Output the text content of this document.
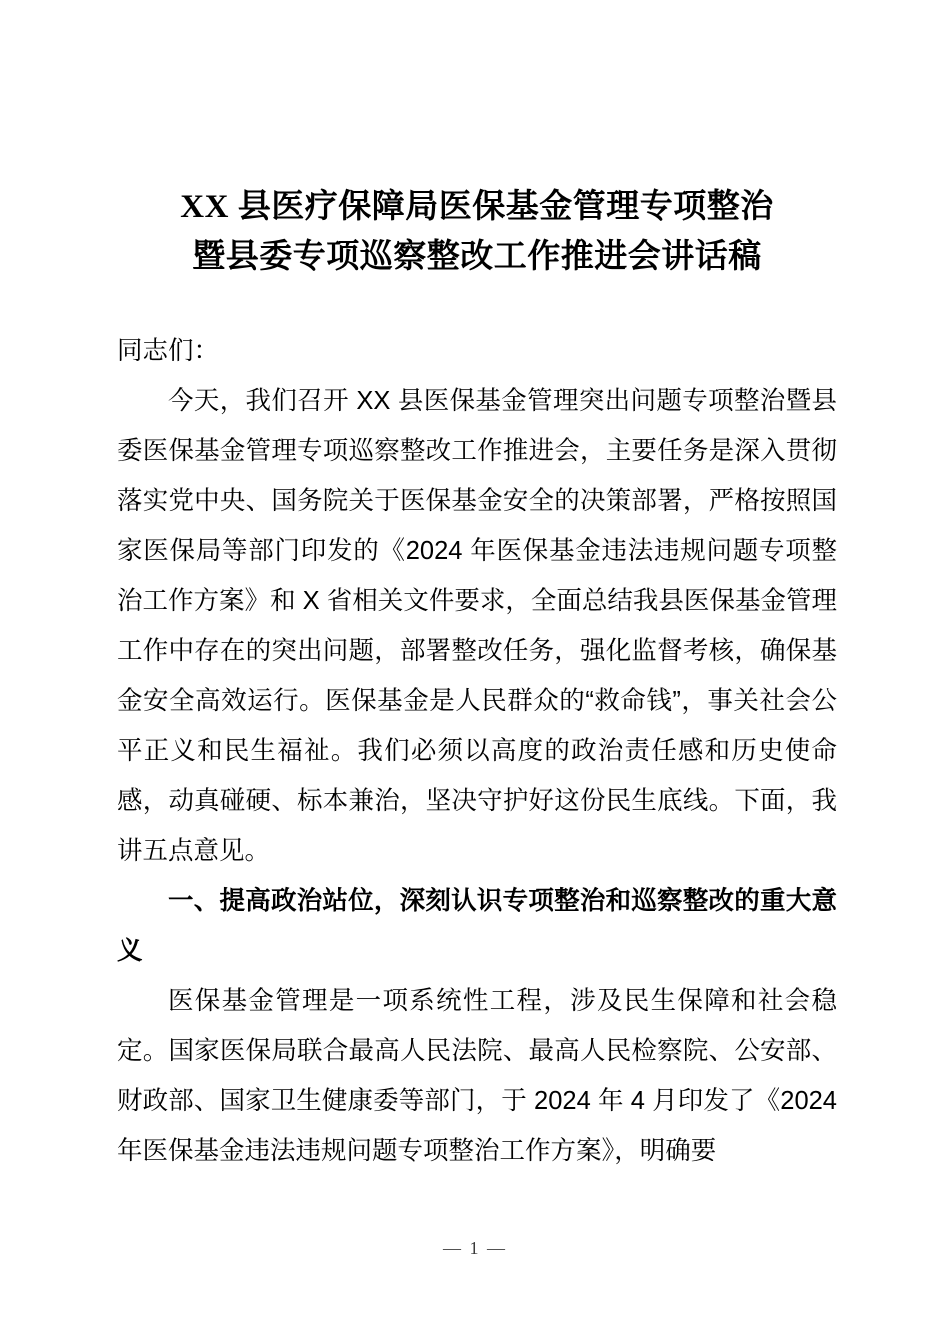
XX 县医疗保障局医保基金管理专项整治
暨县委专项巡察整改工作推进会讲话稿

同志们：

今天，我们召开 XX 县医保基金管理突出问题专项整治暨县委医保基金管理专项巡察整改工作推进会，主要任务是深入贯彻落实党中央、国务院关于医保基金安全的决策部署，严格按照国家医保局等部门印发的《2024 年医保基金违法违规问题专项整治工作方案》和 X 省相关文件要求，全面总结我县医保基金管理工作中存在的突出问题，部署整改任务，强化监督考核，确保基金安全高效运行。医保基金是人民群众的“救命钱”，事关社会公平正义和民生福祉。我们必须以高度的政治责任感和历史使命感，动真碰硬、标本兼治，坚决守护好这份民生底线。下面，我讲五点意见。

一、提高政治站位，深刻认识专项整治和巡察整改的重大意义

医保基金管理是一项系统性工程，涉及民生保障和社会稳定。国家医保局联合最高人民法院、最高人民检察院、公安部、财政部、国家卫生健康委等部门，于 2024 年 4 月印发了《2024 年医保基金违法违规问题专项整治工作方案》，明确要

— 1 —
